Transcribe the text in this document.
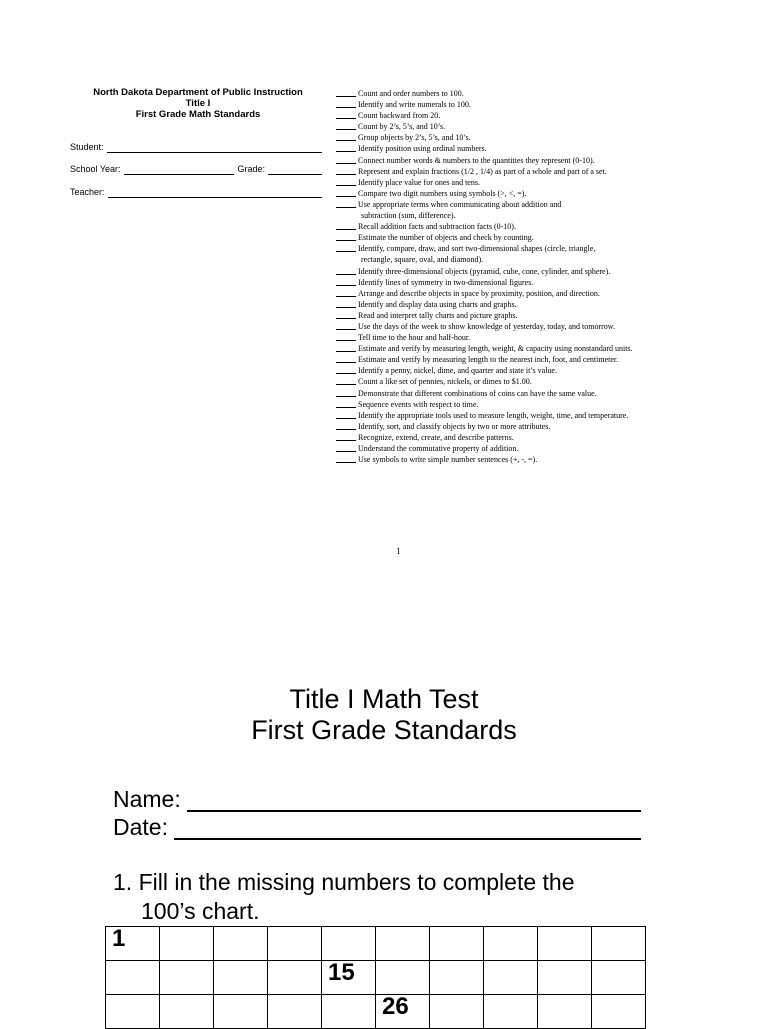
North Dakota Department of Public Instruction
Title I
First Grade Math Standards
Student:
School Year:	Grade:
Teacher:
Count and order numbers to 100.
Identify and write numerals to 100.
Count backward from 20.
Count by 2’s, 5’s, and 10’s.
Group objects by 2’s, 5’s, and 10’s.
Identify position using ordinal numbers.
Connect number words & numbers to the quantities they represent (0-10).
Represent and explain fractions (1/2 , 1/4) as part of a whole and part of a set.
Identify place value for ones and tens.
Compare two digit numbers using symbols (>, <, =).
Use appropriate terms when communicating about addition and
subtraction (sum, difference).
Recall addition facts and subtraction facts (0-10).
Estimate the number of objects and check by counting.
Identify, compare, draw, and sort two-dimensional shapes (circle, triangle,
rectangle, square, oval, and diamond).
Identify three-dimensional objects (pyramid, cube, cone, cylinder, and sphere).
Identify lines of symmetry in two-dimensional figures.
Arrange and describe objects in space by proximity, position, and direction.
Identify and display data using charts and graphs.
Read and interpret tally charts and picture graphs.
Use the days of the week to show knowledge of yesterday, today, and tomorrow.
Tell time to the hour and half-hour.
Estimate and verify by measuring length, weight, & capacity using nonstandard units.
Estimate and verify by measuring length to the nearest inch, foot, and centimeter.
Identify a penny, nickel, dime, and quarter and state it’s value.
Count a like set of pennies, nickels, or dimes to $1.00.
Demonstrate that different combinations of coins can have the same value.
Sequence events with respect to time.
Identify the appropriate tools used to measure length, weight, time, and temperature.
Identify, sort, and classify objects by two or more attributes.
Recognize, extend, create, and describe patterns.
Understand the commutative property of addition.
Use symbols to write simple number sentences (+, -, =).
1
Title I Math Test
First Grade Standards
Name:
Date:
1. Fill in the missing numbers to complete the
100’s chart.
1									
				15					
					26				
